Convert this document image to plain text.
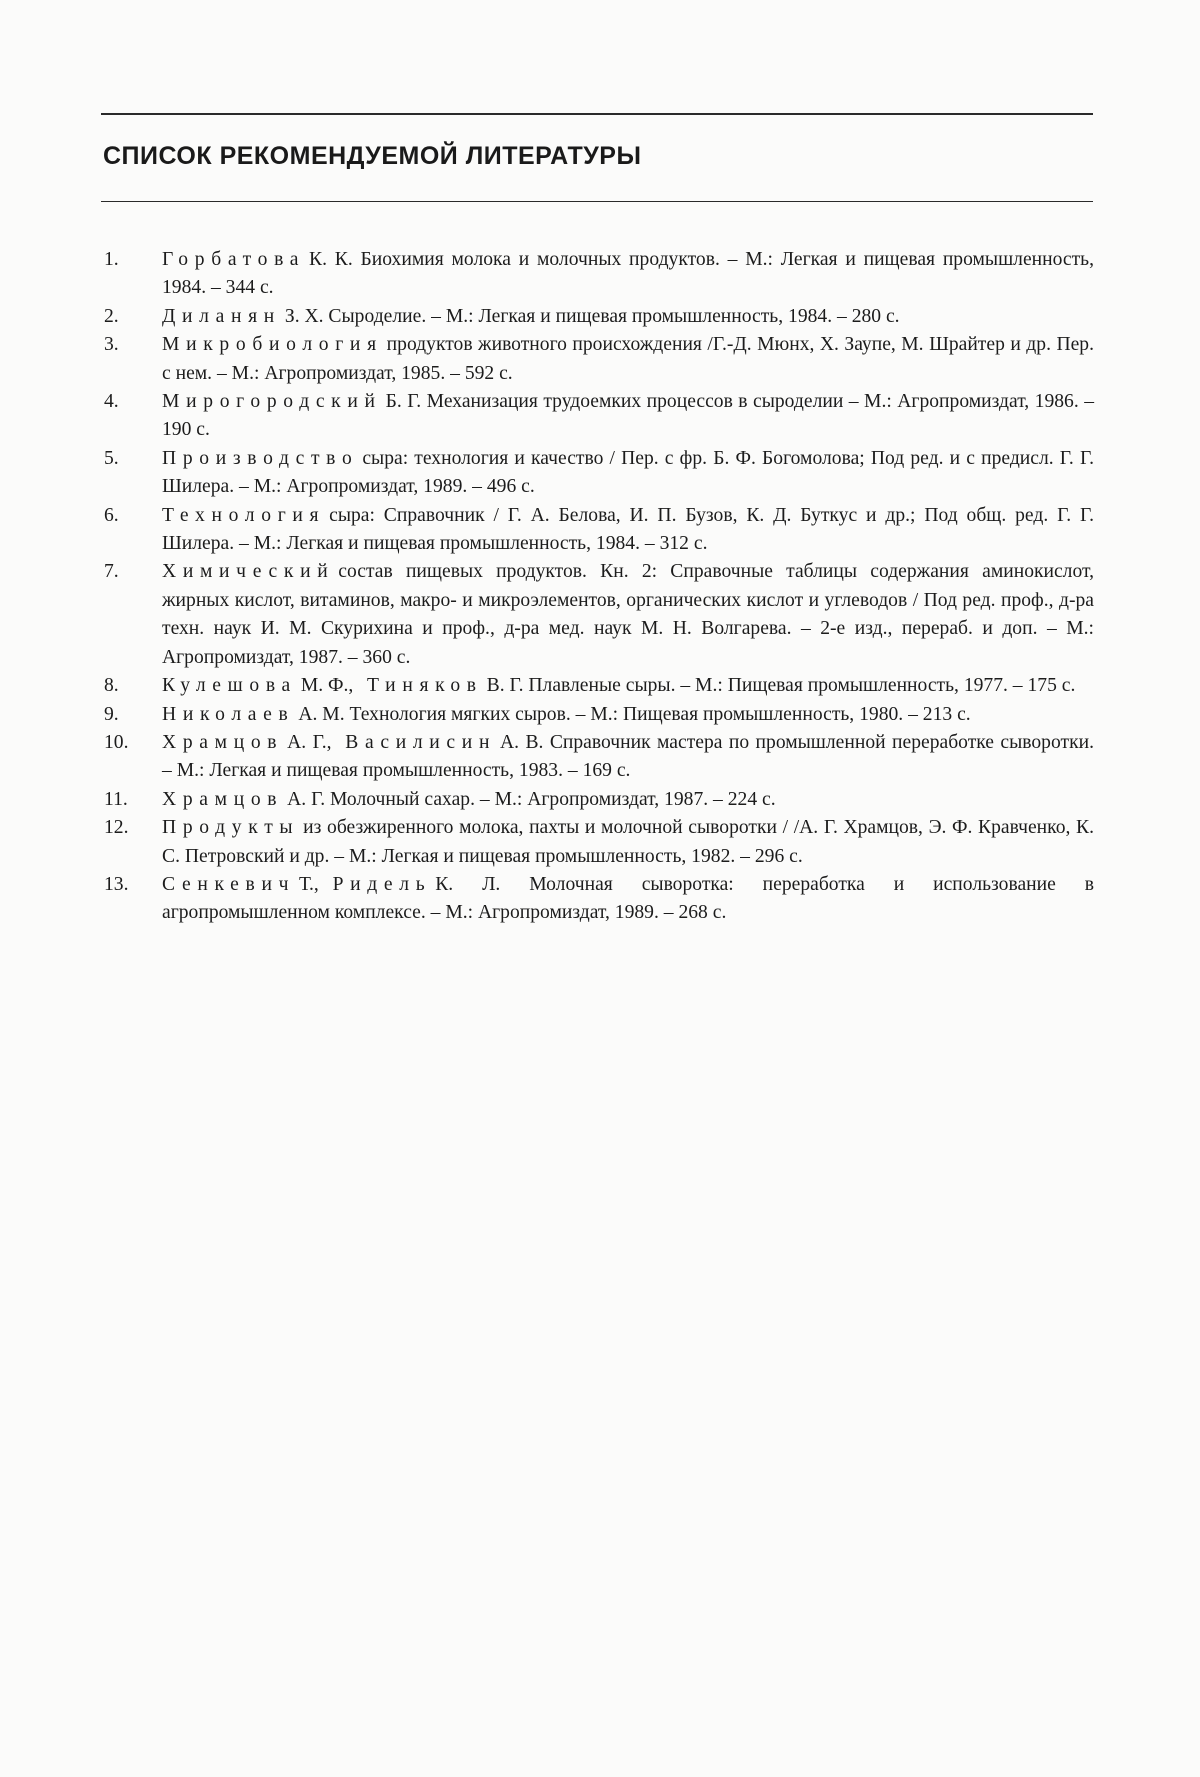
СПИСОК РЕКОМЕНДУЕМОЙ ЛИТЕРАТУРЫ
1.	Горбатова К. К. Биохимия молока и молочных продуктов. – М.: Легкая и пищевая промышленность, 1984. – 344 с.
2.	Диланян З. Х. Сыроделие. – М.: Легкая и пищевая промышленность, 1984. – 280 с.
3.	Микробиология продуктов животного происхождения /Г.-Д. Мюнх, Х. Заупе, М. Шрайтер и др. Пер. с нем. – М.: Агропромиздат, 1985. – 592 с.
4.	Мирогородский Б. Г. Механизация трудоемких процессов в сыроделии – М.: Агропромиздат, 1986. – 190 с.
5.	Производство сыра: технология и качество / Пер. с фр. Б. Ф. Богомолова; Под ред. и с предисл. Г. Г. Шилера. – М.: Агропромиздат, 1989. – 496 с.
6.	Технология сыра: Справочник / Г. А. Белова, И. П. Бузов, К. Д. Буткус и др.; Под общ. ред. Г. Г. Шилера. – М.: Легкая и пищевая промышленность, 1984. – 312 с.
7.	Химический состав пищевых продуктов. Кн. 2: Справочные таблицы содержания аминокислот, жирных кислот, витаминов, макро- и микроэлементов, органических кислот и углеводов / Под ред. проф., д-ра техн. наук И. М. Скурихина и проф., д-ра мед. наук М. Н. Волгарева. – 2-е изд., перераб. и доп. – М.: Агропромиздат, 1987. – 360 с.
8.	Кулешова М. Ф., Тиняков В. Г. Плавленые сыры. – М.: Пищевая промышленность, 1977. – 175 с.
9.	Николаев А. М. Технология мягких сыров. – М.: Пищевая промышленность, 1980. – 213 с.
10.	Храмцов А. Г., Василисин А. В. Справочник мастера по промышленной переработке сыворотки. – М.: Легкая и пищевая промышленность, 1983. – 169 с.
11.	Храмцов А. Г. Молочный сахар. – М.: Агропромиздат, 1987. – 224 с.
12.	Продукты из обезжиренного молока, пахты и молочной сыворотки / /А. Г. Храмцов, Э. Ф. Кравченко, К. С. Петровский и др. – М.: Легкая и пищевая промышленность, 1982. – 296 с.
13.	Сенкевич Т., Ридель К. Л. Молочная сыворотка: переработка и использование в агропромышленном комплексе. – М.: Агропромиздат, 1989. – 268 с.
